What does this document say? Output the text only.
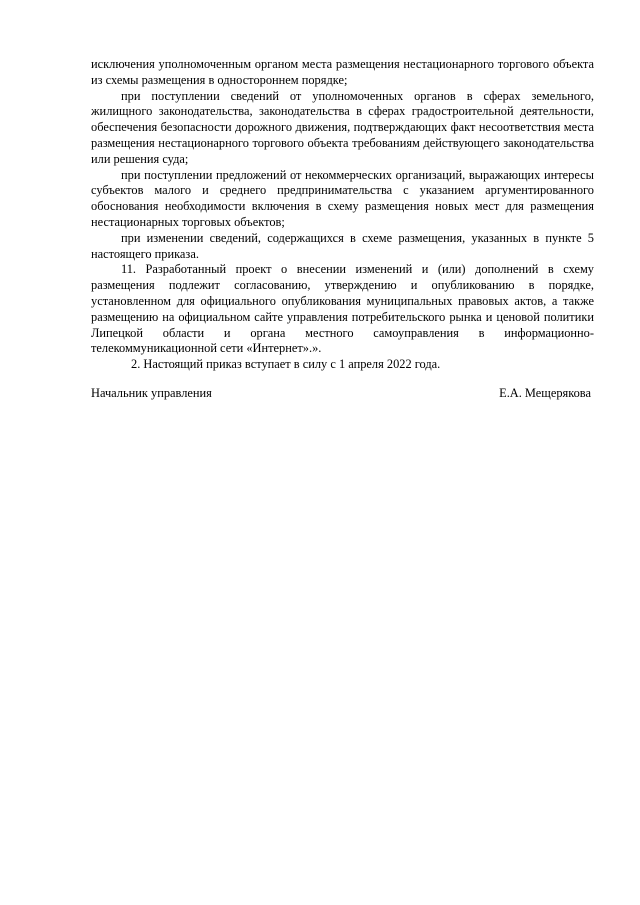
исключения уполномоченным органом места размещения нестационарного торгового объекта из схемы размещения в одностороннем порядке;

при поступлении сведений от уполномоченных органов в сферах земельного, жилищного законодательства, законодательства в сферах градостроительной деятельности, обеспечения безопасности дорожного движения, подтверждающих факт несоответствия места размещения нестационарного торгового объекта требованиям действующего законодательства или решения суда;

при поступлении предложений от некоммерческих организаций, выражающих интересы субъектов малого и среднего предпринимательства с указанием аргументированного обоснования необходимости включения в схему размещения новых мест для размещения нестационарных торговых объектов;

при изменении сведений, содержащихся в схеме размещения, указанных в пункте 5 настоящего приказа.

11. Разработанный проект о внесении изменений и (или) дополнений в схему размещения подлежит согласованию, утверждению и опубликованию в порядке, установленном для официального опубликования муниципальных правовых актов, а также размещению на официальном сайте управления потребительского рынка и ценовой политики Липецкой области и органа местного самоуправления в информационно-телекоммуникационной сети «Интернет».».

2. Настоящий приказ вступает в силу с 1 апреля 2022 года.

Начальник управления	Е.А. Мещерякова
